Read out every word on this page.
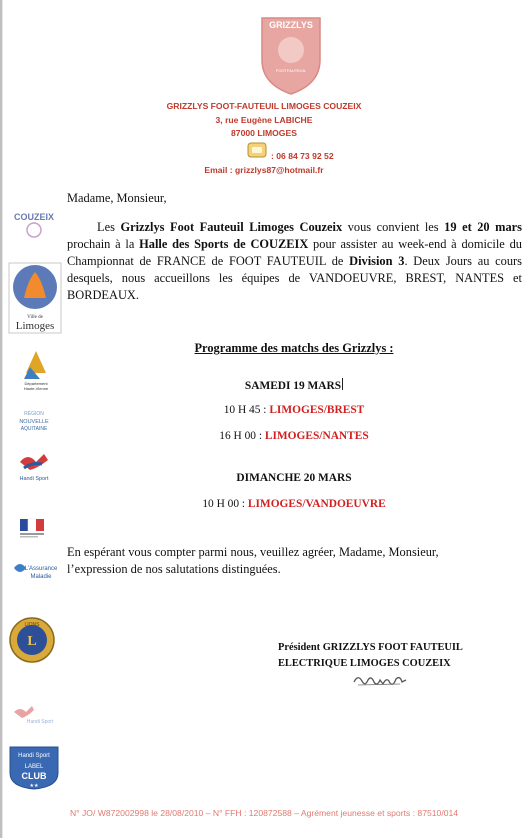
GRIZZLYS
FOOTFAUTEUIL
GRIZZLYS FOOT-FAUTEUIL LIMOGES COUZEIX
3, rue Eugène LABICHE
87000 LIMOGES
: 06 84 73 92 52
Email : grizzlys87@hotmail.fr
Madame, Monsieur,
Les Grizzlys Foot Fauteuil Limoges Couzeix vous convient les 19 et 20 mars prochain à la Halle des Sports de COUZEIX pour assister au week-end à domicile du Championnat de FRANCE de FOOT FAUTEUIL de Division 3. Deux Jours au cours desquels, nous accueillons les équipes de VANDOEUVRE, BREST, NANTES et BORDEAUX.
Programme des matchs des Grizzlys :
SAMEDI 19 MARS
10 H 45 : LIMOGES/BREST
16 H 00 : LIMOGES/NANTES
DIMANCHE 20 MARS
10 H 00 : LIMOGES/VANDOEUVRE
En espérant vous compter parmi nous, veuillez agréer, Madame, Monsieur,
l’expression de nos salutations distinguées.
Président GRIZZLYS FOOT FAUTEUIL
ELECTRIQUE LIMOGES COUZEIX
COUZEIX
Ville de
Limoges
Département
Haute-Vienne
RÉGION
NOUVELLE
AQUITAINE
Handi Sport
L’Assurance
Maladie
L
LIONS
Handi Sport
Handi Sport
LABEL
CLUB
★★
N° JO/ W872002998 le 28/08/2010 – N° FFH : 120872588 – Agrément jeunesse et sports : 87510/014
